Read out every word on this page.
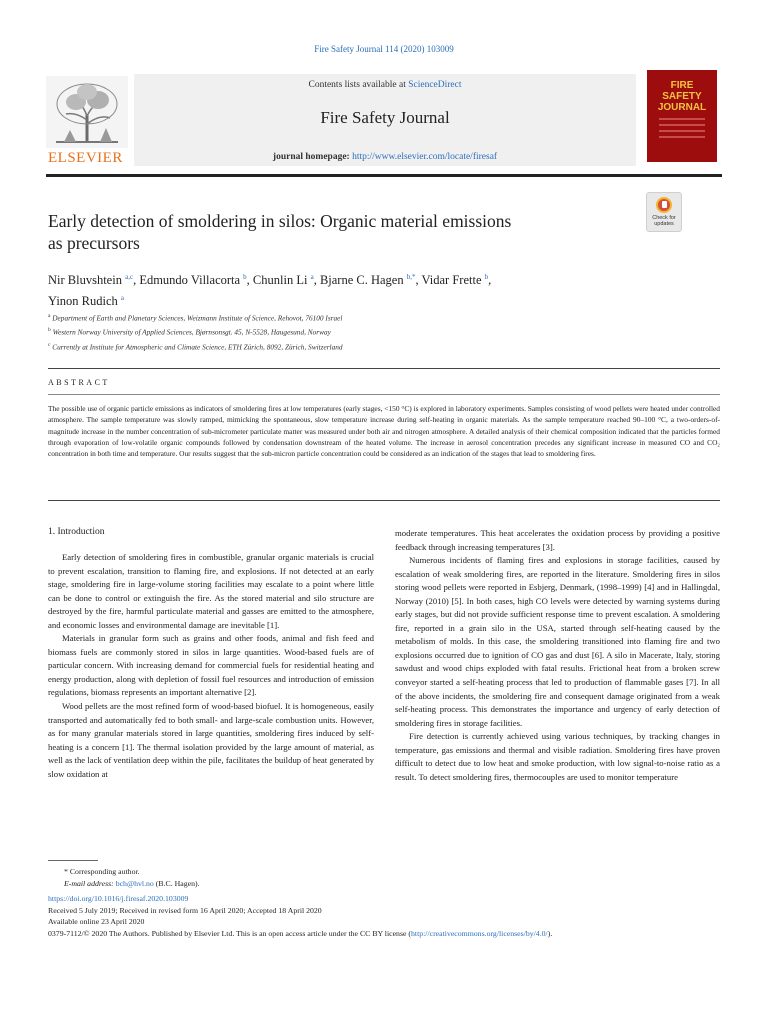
Fire Safety Journal 114 (2020) 103009
ELSEVIER
Contents lists available at ScienceDirect
Fire Safety Journal
journal homepage: http://www.elsevier.com/locate/firesaf
FIRE
SAFETY
JOURNAL
Early detection of smoldering in silos: Organic material emissions
as precursors
Check for
updates
Nir Bluvshtein $^{a,c}$, Edmundo Villacorta $^b$, Chunlin Li $^a$, Bjarne C. Hagen $^{b,*}$, Vidar Frette $^b$,
Yinon Rudich $^a$
$^a$ Department of Earth and Planetary Sciences, Weizmann Institute of Science, Rehovot, 76100 Israel
$^b$ Western Norway University of Applied Sciences, Bjørnsonsgt. 45, N-5528, Haugesund, Norway
$^c$ Currently at Institute for Atmospheric and Climate Science, ETH Zürich, 8092, Zürich, Switzerland
ABSTRACT
The possible use of organic particle emissions as indicators of smoldering fires at low temperatures (early stages, <150 °C) is explored in laboratory experiments. Samples consisting of wood pellets were heated under controlled atmosphere. The sample temperature was slowly ramped, mimicking the spontaneous, slow temperature increase during self-heating in organic materials. As the sample temperature reached 90–100 °C, a two-orders-of-magnitude increase in the number concentration of sub-micrometer particulate matter was measured under both air and nitrogen atmosphere. A detailed analysis of their chemical composition indicated that the particles formed through evaporation of low-volatile organic compounds followed by condensation downstream of the heated volume. The increase in aerosol concentration precedes any significant increase in measured CO and CO₂ concentration in both time and temperature. Our results suggest that the sub-micron particle concentration could be considered as an indication of the stages that lead to smoldering fires.
1. Introduction

Early detection of smoldering fires in combustible, granular organic materials is crucial to prevent escalation, transition to flaming fire, and explosions. If not detected at an early stage, smoldering fire in large-volume storing facilities may escalate to a point where little can be done to control or extinguish the fire. As the stored material and silo structure are destroyed by the fire, harmful particulate material and gasses are emitted to the atmosphere, and economic losses and environmental damage are inevitable [1].

Materials in granular form such as grains and other foods, animal and fish feed and biomass fuels are commonly stored in silos in large quantities. Wood-based fuels are of particular concern. With increasing demand for commercial fuels for residential heating and energy production, along with depletion of fossil fuel resources and introduction of emission regulations, biomass represents an important alternative [2].

Wood pellets are the most refined form of wood-based biofuel. It is homogeneous, easily transported and automatically fed to both small- and large-scale combustion units. However, as for many granular materials stored in large quantities, smoldering fires induced by self-heating is a concern [1]. The thermal isolation provided by the large amount of material, as well as the lack of ventilation deep within the pile, facilitates the buildup of heat generated by slow oxidation at

moderate temperatures. This heat accelerates the oxidation process by providing a positive feedback through increasing temperatures [3].

Numerous incidents of flaming fires and explosions in storage facilities, caused by escalation of weak smoldering fires, are reported in the literature. Smoldering fires in silos storing wood pellets were reported in Esbjerg, Denmark, (1998–1999) [4] and in Hallingdal, Norway (2010) [5]. In both cases, high CO levels were detected by warning systems during early stages, but did not provide sufficient response time to prevent escalation. A smoldering fire, reported in a grain silo in the USA, started through self-heating caused by the metabolism of molds. In this case, the smoldering transitioned into flaming fire and two explosions occurred due to ignition of CO gas and dust [6]. A silo in Macerate, Italy, storing sawdust and wood chips exploded with fatal results. Frictional heat from a broken screw conveyor started a self-heating process that led to production of flammable gases [7]. In all of the above incidents, the smoldering fire and consequent damage originated from a weak self-heating process. This demonstrates the importance and urgency of early detection of smoldering fires in storage facilities.

Fire detection is currently achieved using various techniques, by tracking changes in temperature, gas emissions and thermal and visible radiation. Smoldering fires have proven difficult to detect due to low heat and smoke production, with low signal-to-noise ratio as a result. To detect smoldering fires, thermocouples are used to monitor temperature

* Corresponding author.
E-mail address: bch@hvl.no (B.C. Hagen).
https://doi.org/10.1016/j.firesaf.2020.103009
Received 5 July 2019; Received in revised form 16 April 2020; Accepted 18 April 2020
Available online 23 April 2020
0379-7112/© 2020 The Authors. Published by Elsevier Ltd. This is an open access article under the CC BY license (http://creativecommons.org/licenses/by/4.0/).
